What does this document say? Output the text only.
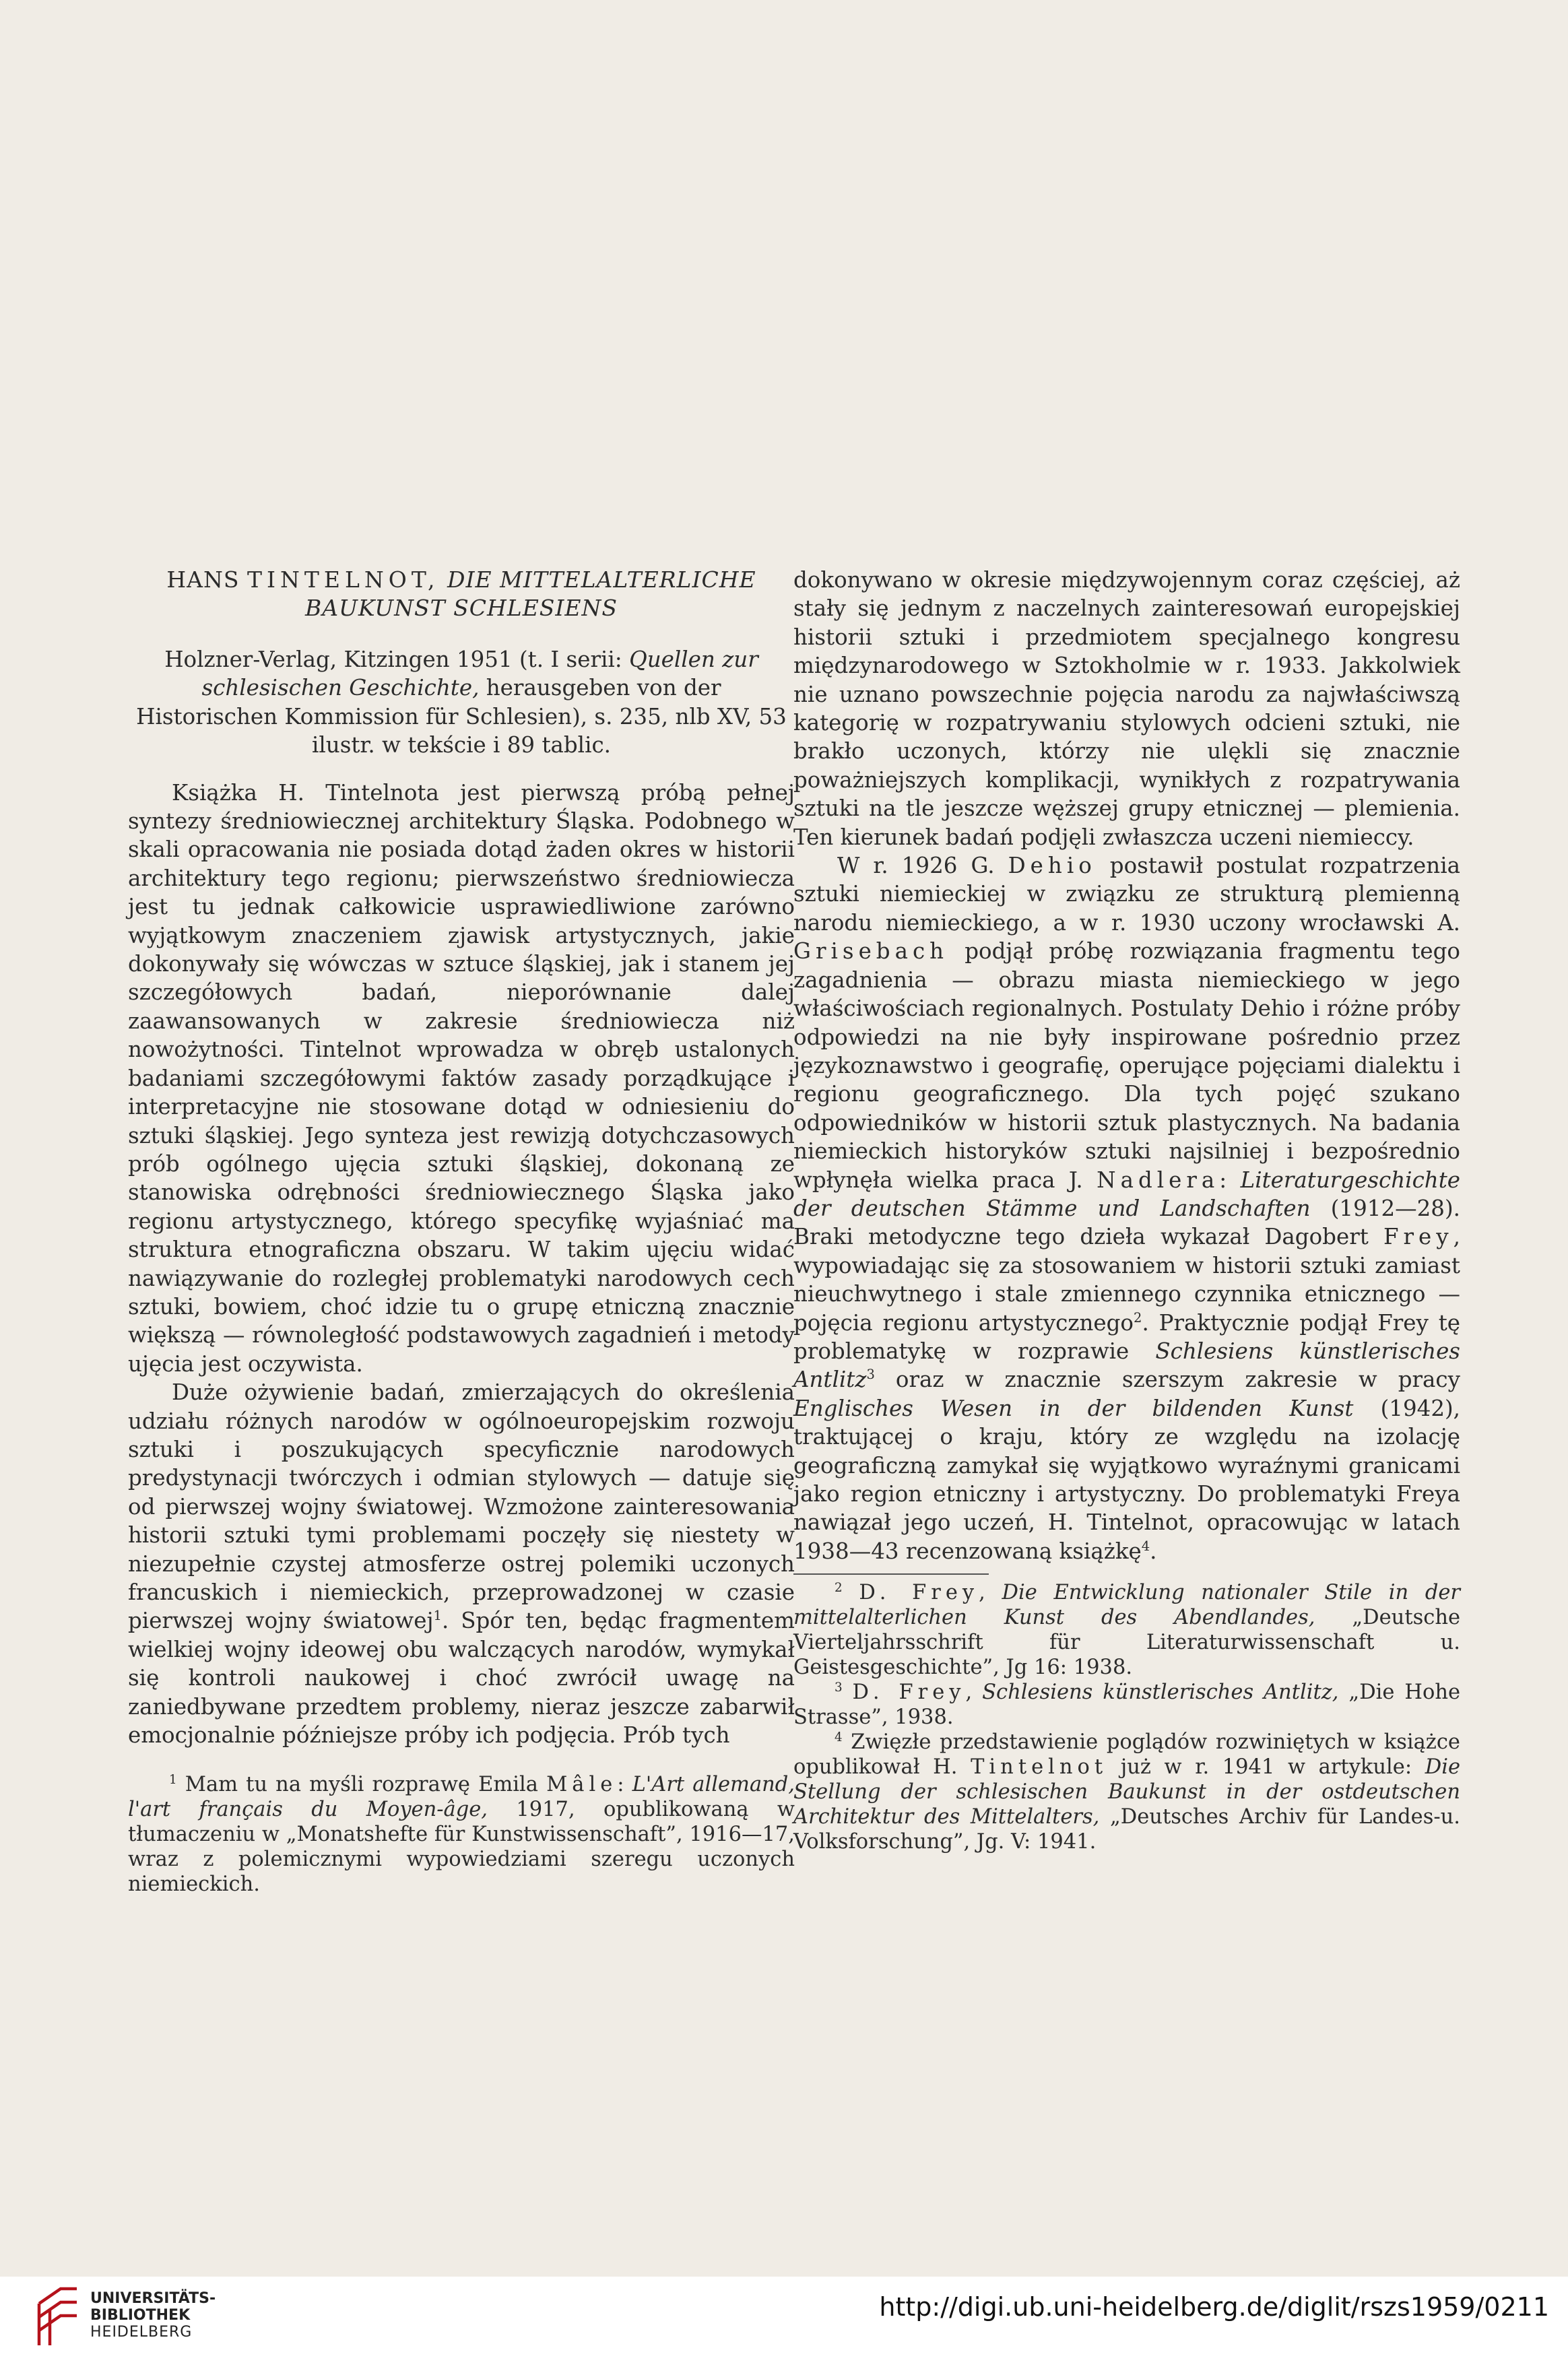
HANS TINTELNOT, DIE MITTELALTERLICHE
BAUKUNST SCHLESIENS
Holzner-Verlag, Kitzingen 1951 (t. I serii: Quellen zur schlesischen Geschichte, herausgeben von der Historischen Kommission für Schlesien), s. 235, nlb XV, 53 ilustr. w tekście i 89 tablic.

Książka H. Tintelnota jest pierwszą próbą pełnej syntezy średniowiecznej architektury Śląska. Podobnego w skali opracowania nie posiada dotąd żaden okres w historii architektury tego regionu; pierwszeństwo średniowiecza jest tu jednak całkowicie usprawiedliwione zarówno wyjątkowym znaczeniem zjawisk artystycznych, jakie dokonywały się wówczas w sztuce śląskiej, jak i stanem jej szczegółowych badań, nieporównanie dalej zaawansowanych w zakresie średniowiecza niż nowożytności. Tintelnot wprowadza w obręb ustalonych badaniami szczegółowymi faktów zasady porządkujące i interpretacyjne nie stosowane dotąd w odniesieniu do sztuki śląskiej. Jego synteza jest rewizją dotychczasowych prób ogólnego ujęcia sztuki śląskiej, dokonaną ze stanowiska odrębności średniowiecznego Śląska jako regionu artystycznego, którego specyfikę wyjaśniać ma struktura etnograficzna obszaru. W takim ujęciu widać nawiązywanie do rozległej problematyki narodowych cech sztuki, bowiem, choć idzie tu o grupę etniczną znacznie większą — równoległość podstawowych zagadnień i metody ujęcia jest oczywista.

Duże ożywienie badań, zmierzających do określenia udziału różnych narodów w ogólnoeuropejskim rozwoju sztuki i poszukujących specyficznie narodowych predystynacji twórczych i odmian stylowych — datuje się od pierwszej wojny światowej. Wzmożone zainteresowania historii sztuki tymi problemami poczęły się niestety w niezupełnie czystej atmosferze ostrej polemiki uczonych francuskich i niemieckich, przeprowadzonej w czasie pierwszej wojny światowej$^1$. Spór ten, będąc fragmentem wielkiej wojny ideowej obu walczących narodów, wymykał się kontroli naukowej i choć zwrócił uwagę na zaniedbywane przedtem problemy, nieraz jeszcze zabarwił emocjonalnie późniejsze próby ich podjęcia. Prób tych

$^1$ Mam tu na myśli rozprawę Emila Mâle: L'Art allemand, l'art français du Moyen-âge, 1917, opublikowaną w tłumaczeniu w „Monatshefte für Kunstwissenschaft”, 1916—17, wraz z polemicznymi wypowiedziami szeregu uczonych niemieckich.

dokonywano w okresie międzywojennym coraz częściej, aż stały się jednym z naczelnych zainteresowań europejskiej historii sztuki i przedmiotem specjalnego kongresu międzynarodowego w Sztokholmie w r. 1933. Jakkolwiek nie uznano powszechnie pojęcia narodu za najwłaściwszą kategorię w rozpatrywaniu stylowych odcieni sztuki, nie brakło uczonych, którzy nie ulękli się znacznie poważniejszych komplikacji, wynikłych z rozpatrywania sztuki na tle jeszcze węższej grupy etnicznej — plemienia. Ten kierunek badań podjęli zwłaszcza uczeni niemieccy.

W r. 1926 G. Dehio postawił postulat rozpatrzenia sztuki niemieckiej w związku ze strukturą plemienną narodu niemieckiego, a w r. 1930 uczony wrocławski A. Grisebach podjął próbę rozwiązania fragmentu tego zagadnienia — obrazu miasta niemieckiego w jego właściwościach regionalnych. Postulaty Dehio i różne próby odpowiedzi na nie były inspirowane pośrednio przez językoznawstwo i geografię, operujące pojęciami dialektu i regionu geograficznego. Dla tych pojęć szukano odpowiedników w historii sztuk plastycznych. Na badania niemieckich historyków sztuki najsilniej i bezpośrednio wpłynęła wielka praca J. Nadlera: Literaturgeschichte der deutschen Stämme und Landschaften (1912—28). Braki metodyczne tego dzieła wykazał Dagobert Frey, wypowiadając się za stosowaniem w historii sztuki zamiast nieuchwytnego i stale zmiennego czynnika etnicznego — pojęcia regionu artystycznego$^2$. Praktycznie podjął Frey tę problematykę w rozprawie Schlesiens künstlerisches Antlitz$^3$ oraz w znacznie szerszym zakresie w pracy Englisches Wesen in der bildenden Kunst (1942), traktującej o kraju, który ze względu na izolację geograficzną zamykał się wyjątkowo wyraźnymi granicami jako region etniczny i artystyczny. Do problematyki Freya nawiązał jego uczeń, H. Tintelnot, opracowując w latach 1938—43 recenzowaną książkę$^4$.

$^2$ D. Frey, Die Entwicklung nationaler Stile in der mittelalterlichen Kunst des Abendlandes, „Deutsche Vierteljahrsschrift für Literaturwissenschaft u. Geistesgeschichte”, Jg 16: 1938.

$^3$ D. Frey, Schlesiens künstlerisches Antlitz, „Die Hohe Strasse”, 1938.

$^4$ Zwięzłe przedstawienie poglądów rozwiniętych w książce opublikował H. Tintelnot już w r. 1941 w artykule: Die Stellung der schlesischen Baukunst in der ostdeutschen Architektur des Mittelalters, „Deutsches Archiv für Landes-u. Volksforschung”, Jg. V: 1941.

UNIVERSITÄTS-
BIBLIOTHEK
HEIDELBERG
http://digi.ub.uni-heidelberg.de/diglit/rszs1959/0211
